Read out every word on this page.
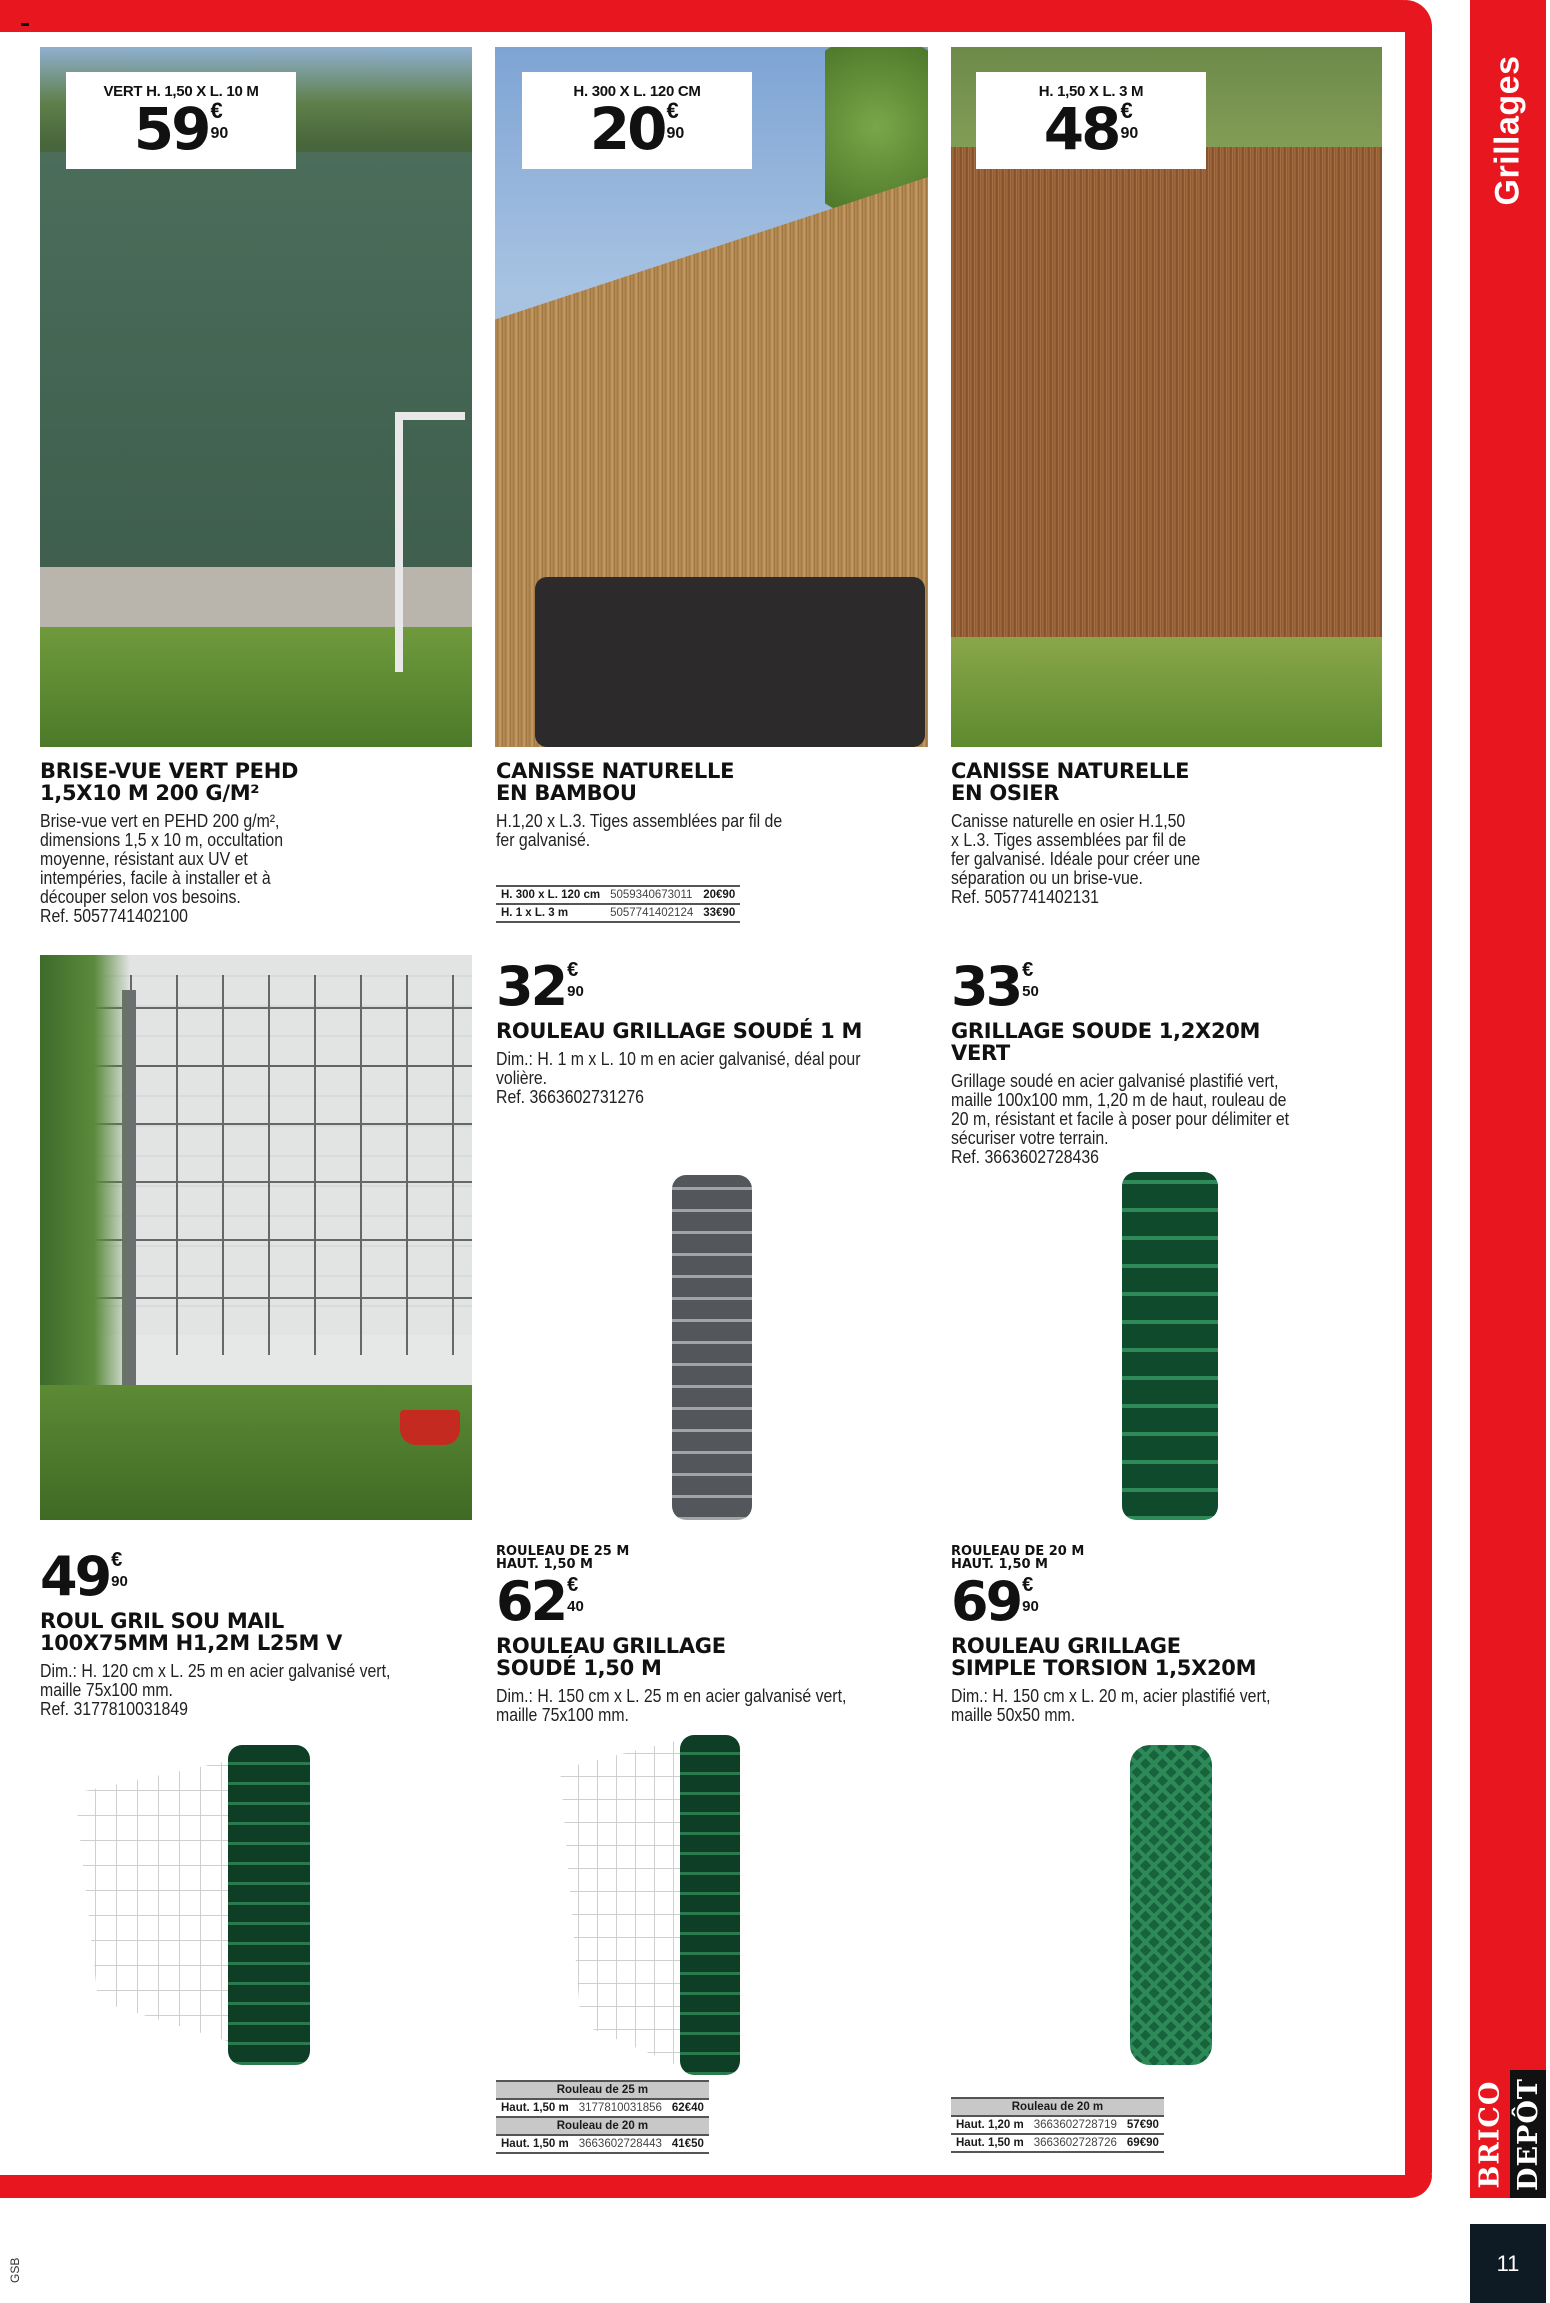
Grillages
BRICO DEPÔT
11
GSB
VERT H. 1,50 X L. 10 M
59 €
90
BRISE-VUE VERT PEHD
1,5X10 M 200 G/M²
Brise-vue vert en PEHD 200 g/m²,
dimensions 1,5 x 10 m, occultation
moyenne, résistant aux UV et
intempéries, facile à installer et à
découper selon vos besoins.
Ref. 5057741402100
H. 300 X L. 120 CM
20 €
90
CANISSE NATURELLE
EN BAMBOU
H.1,20 x L.3. Tiges assemblées par fil de
fer galvanisé.
H. 300 x L. 120 cm	5059340673011	20€90
H. 1 x L. 3 m	5057741402124	33€90
H. 1,50 X L. 3 M
48 €
90
CANISSE NATURELLE
EN OSIER
Canisse naturelle en osier H.1,50
x L.3. Tiges assemblées par fil de
fer galvanisé. Idéale pour créer une
séparation ou un brise-vue.
Ref. 5057741402131
32 €
90
ROULEAU GRILLAGE SOUDÉ 1 M
Dim.: H. 1 m x L. 10 m en acier galvanisé, déal pour
volière.
Ref. 3663602731276
33 €
50
GRILLAGE SOUDE 1,2X20M
VERT
Grillage soudé en acier galvanisé plastifié vert,
maille 100x100 mm, 1,20 m de haut, rouleau de
20 m, résistant et facile à poser pour délimiter et
sécuriser votre terrain.
Ref. 3663602728436
49 €
90
ROUL GRIL SOU MAIL
100X75MM H1,2M L25M V
Dim.: H. 120 cm x L. 25 m en acier galvanisé vert,
maille 75x100 mm.
Ref. 3177810031849
ROULEAU DE 25 M
HAUT. 1,50 M
62 €
40
ROULEAU GRILLAGE
SOUDÉ 1,50 M
Dim.: H. 150 cm x L. 25 m en acier galvanisé vert,
maille 75x100 mm.
Rouleau de 25 m		
Haut. 1,50 m	3177810031856	62€40
Rouleau de 20 m		
Haut. 1,50 m	3663602728443	41€50
ROULEAU DE 20 M
HAUT. 1,50 M
69 €
90
ROULEAU GRILLAGE
SIMPLE TORSION 1,5X20M
Dim.: H. 150 cm x L. 20 m, acier plastifié vert,
maille 50x50 mm.
Rouleau de 20 m		
Haut. 1,20 m	3663602728719	57€90
Haut. 1,50 m	3663602728726	69€90
